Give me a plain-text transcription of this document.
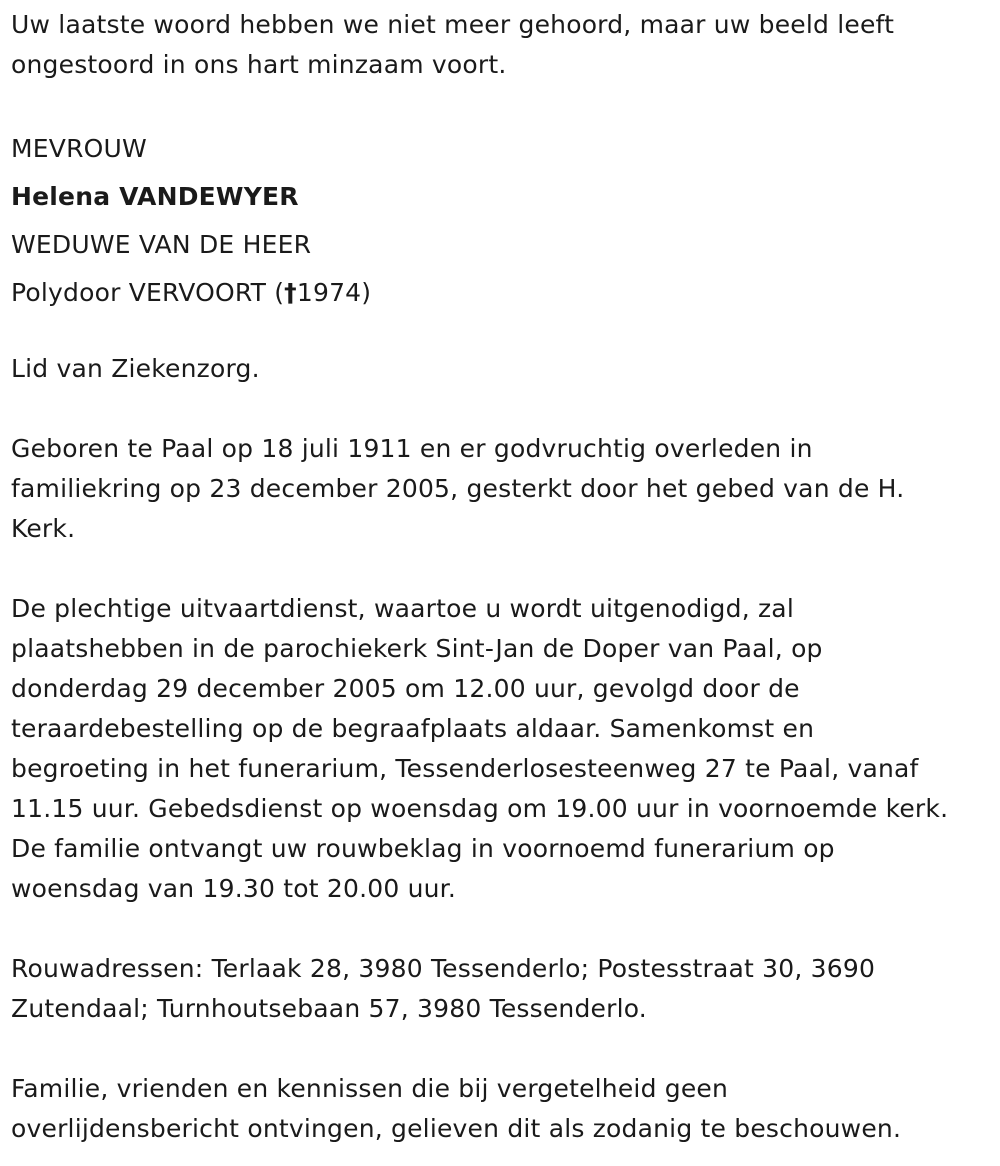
Uw laatste woord hebben we niet meer gehoord, maar uw beeld leeft
ongestoord in ons hart minzaam voort.

MEVROUW
Helena VANDEWYER
WEDUWE VAN DE HEER
Polydoor VERVOORT (†1974)

Lid van Ziekenzorg.

Geboren te Paal op 18 juli 1911 en er godvruchtig overleden in
familiekring op 23 december 2005, gesterkt door het gebed van de H.
Kerk.

De plechtige uitvaartdienst, waartoe u wordt uitgenodigd, zal
plaatshebben in de parochiekerk Sint-Jan de Doper van Paal, op
donderdag 29 december 2005 om 12.00 uur, gevolgd door de
teraardebestelling op de begraafplaats aldaar. Samenkomst en
begroeting in het funerarium, Tessenderlosesteenweg 27 te Paal, vanaf
11.15 uur. Gebedsdienst op woensdag om 19.00 uur in voornoemde kerk.
De familie ontvangt uw rouwbeklag in voornoemd funerarium op
woensdag van 19.30 tot 20.00 uur.

Rouwadressen: Terlaak 28, 3980 Tessenderlo; Postesstraat 30, 3690
Zutendaal; Turnhoutsebaan 57, 3980 Tessenderlo.

Familie, vrienden en kennissen die bij vergetelheid geen
overlijdensbericht ontvingen, gelieven dit als zodanig te beschouwen.
